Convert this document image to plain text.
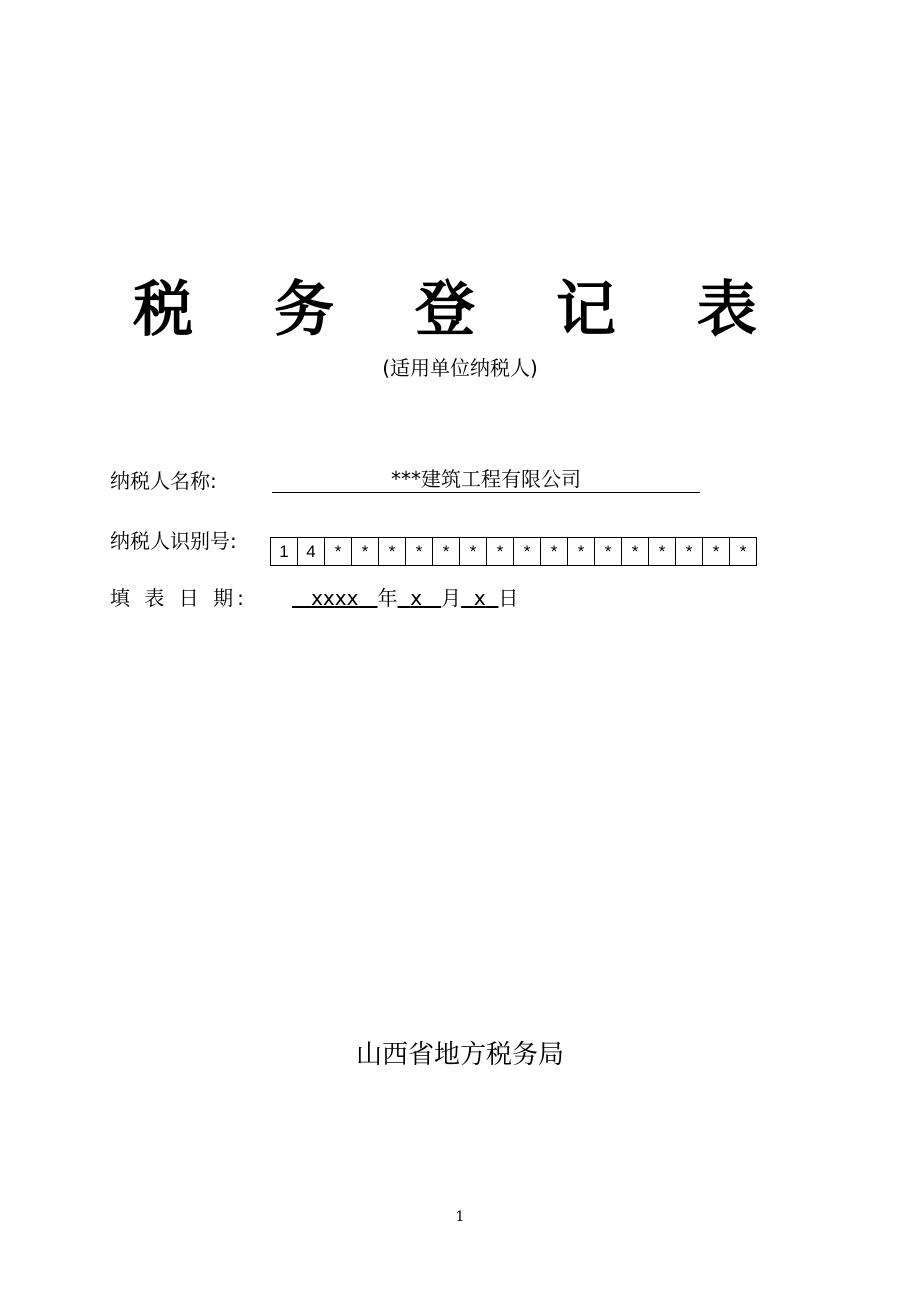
税 务 登 记 表
(适用单位纳税人)
纳税人名称:	***建筑工程有限公司
纳税人识别号:	1	4	*	*	*	*	*	*	*	*	*	*	*	*	*	*	*	*
填 表 日 期:	xxxx 年 x 月 x 日
山西省地方税务局
1
